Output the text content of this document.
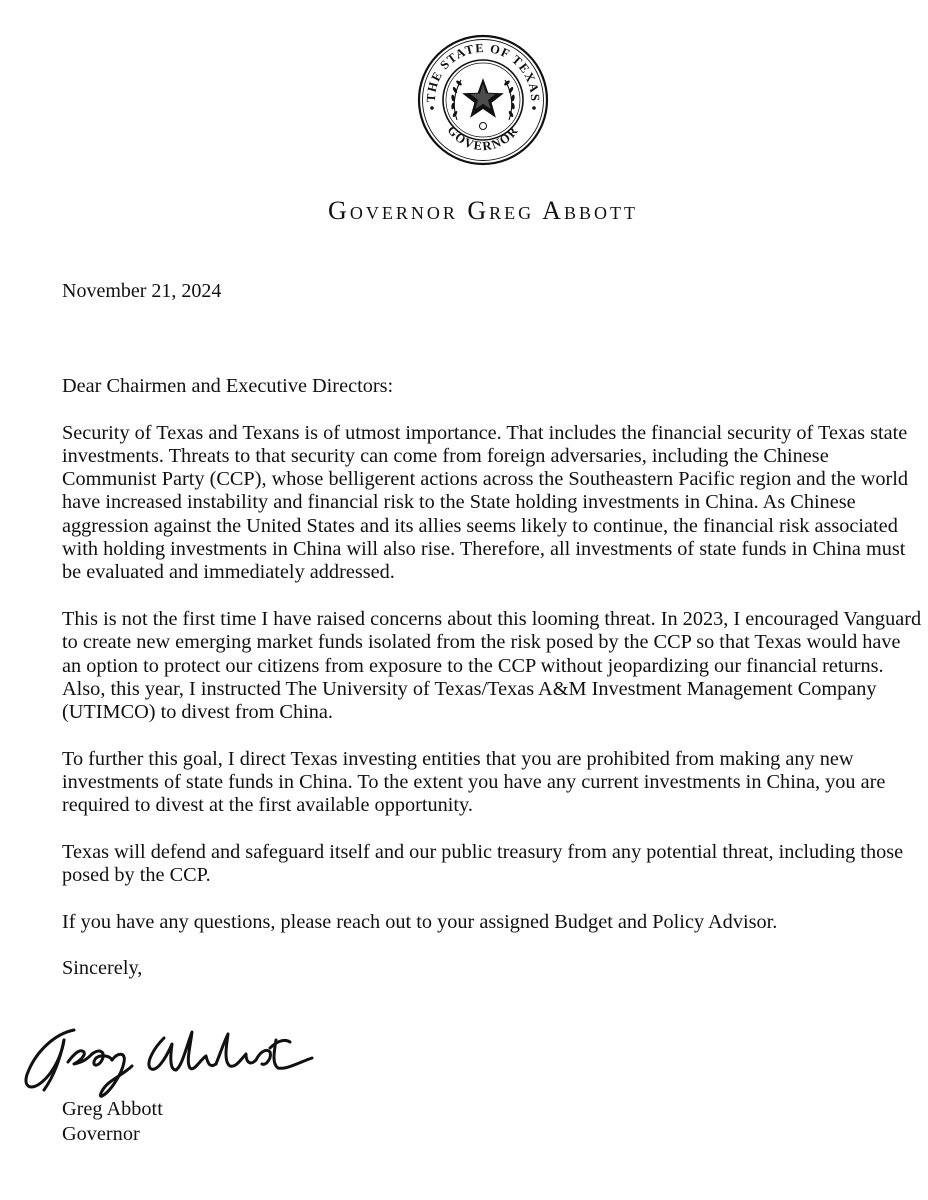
THE STATE OF TEXAS
GOVERNOR
Governor Greg Abbott
November 21, 2024

Dear Chairmen and Executive Directors:

Security of Texas and Texans is of utmost importance. That includes the financial security of Texas state investments. Threats to that security can come from foreign adversaries, including the Chinese Communist Party (CCP), whose belligerent actions across the Southeastern Pacific region and the world have increased instability and financial risk to the State holding investments in China. As Chinese aggression against the United States and its allies seems likely to continue, the financial risk associated with holding investments in China will also rise. Therefore, all investments of state funds in China must be evaluated and immediately addressed.

This is not the first time I have raised concerns about this looming threat. In 2023, I encouraged Vanguard to create new emerging market funds isolated from the risk posed by the CCP so that Texas would have an option to protect our citizens from exposure to the CCP without jeopardizing our financial returns. Also, this year, I instructed The University of Texas/Texas A&M Investment Management Company (UTIMCO) to divest from China.

To further this goal, I direct Texas investing entities that you are prohibited from making any new investments of state funds in China. To the extent you have any current investments in China, you are required to divest at the first available opportunity.

Texas will defend and safeguard itself and our public treasury from any potential threat, including those posed by the CCP.

If you have any questions, please reach out to your assigned Budget and Policy Advisor.

Sincerely,

Greg Abbott
Governor
